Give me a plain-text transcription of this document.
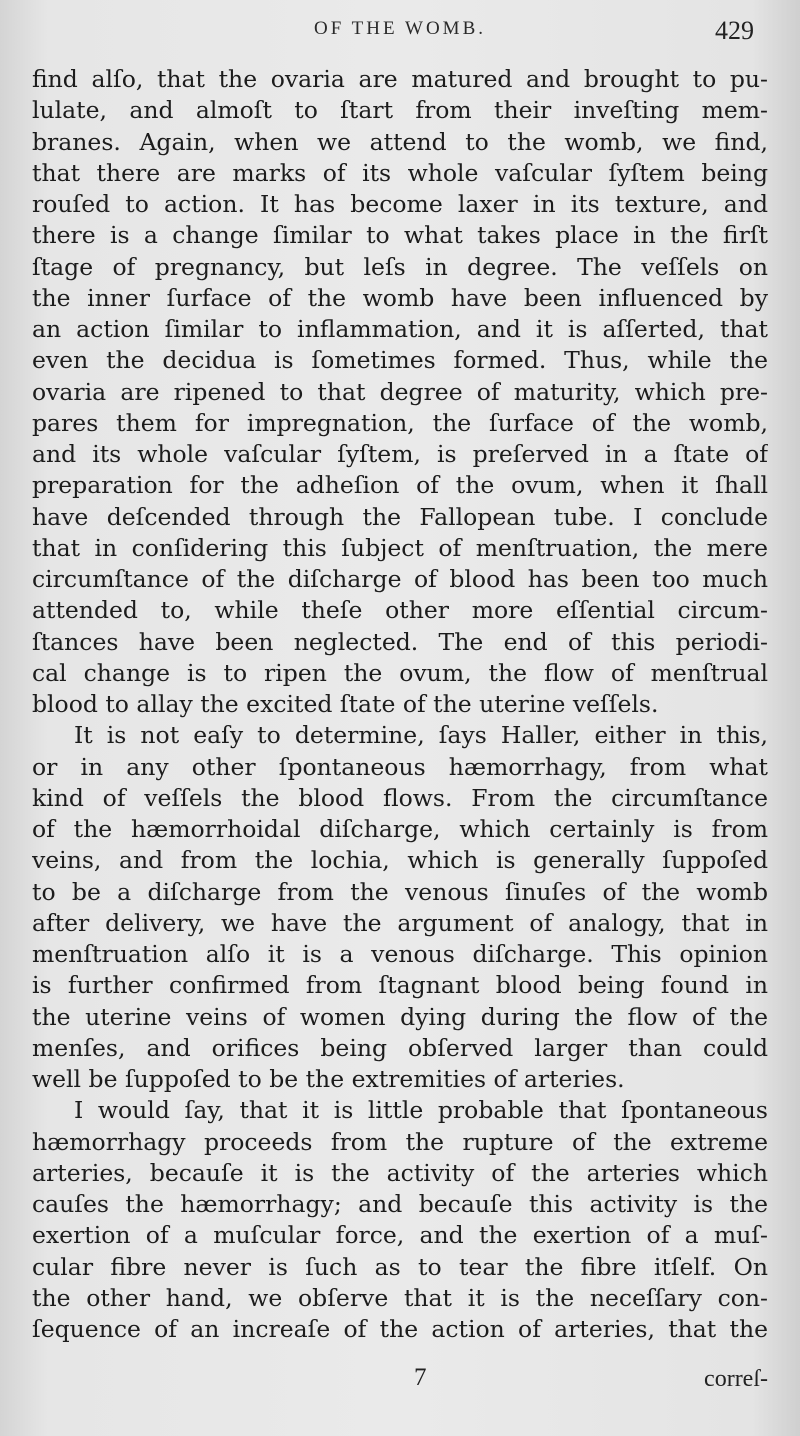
OF THE WOMB.	429
find alſo, that the ovaria are matured and brought to pu-
lulate, and almoſt to ſtart from their inveſting mem-
branes. Again, when we attend to the womb, we find,
that there are marks of its whole vaſcular ſyſtem being
rouſed to action. It has become laxer in its texture, and
there is a change ſimilar to what takes place in the firſt
ſtage of pregnancy, but leſs in degree. The veſſels on
the inner ſurface of the womb have been influenced by
an action ſimilar to inflammation, and it is aſſerted, that
even the decidua is ſometimes formed. Thus, while the
ovaria are ripened to that degree of maturity, which pre-
pares them for impregnation, the ſurface of the womb,
and its whole vaſcular ſyſtem, is preſerved in a ſtate of
preparation for the adheſion of the ovum, when it ſhall
have deſcended through the Fallopean tube. I conclude
that in conſidering this ſubject of menſtruation, the mere
circumſtance of the diſcharge of blood has been too much
attended to, while theſe other more eſſential circum-
ſtances have been neglected. The end of this periodi-
cal change is to ripen the ovum, the flow of menſtrual
blood to allay the excited ſtate of the uterine veſſels.
It is not eaſy to determine, ſays Haller, either in this,
or in any other ſpontaneous hæmorrhagy, from what
kind of veſſels the blood flows. From the circumſtance
of the hæmorrhoidal diſcharge, which certainly is from
veins, and from the lochia, which is generally ſuppoſed
to be a diſcharge from the venous ſinuſes of the womb
after delivery, we have the argument of analogy, that in
menſtruation alſo it is a venous diſcharge. This opinion
is further confirmed from ſtagnant blood being found in
the uterine veins of women dying during the flow of the
menſes, and orifices being obſerved larger than could
well be ſuppoſed to be the extremities of arteries.
I would ſay, that it is little probable that ſpontaneous
hæmorrhagy proceeds from the rupture of the extreme
arteries, becauſe it is the activity of the arteries which
cauſes the hæmorrhagy; and becauſe this activity is the
exertion of a muſcular force, and the exertion of a muſ-
cular fibre never is ſuch as to tear the fibre itſelf. On
the other hand, we obſerve that it is the neceſſary con-
ſequence of an increaſe of the action of arteries, that the
7	correſ-
